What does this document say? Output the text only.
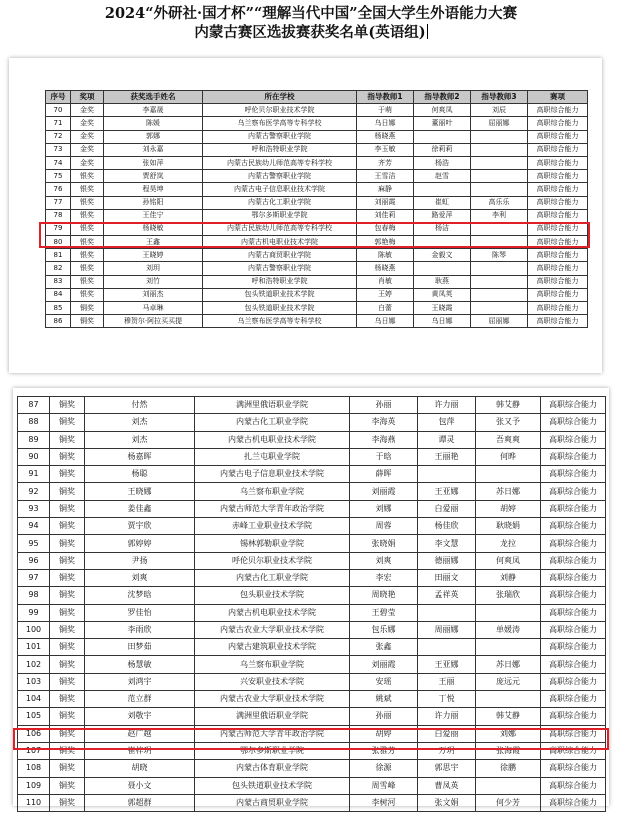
2024“外研社·国才杯”“理解当代中国”全国大学生外语能力大赛
内蒙古赛区选拔赛获奖名单(英语组)
序号	奖项	获奖选手姓名	所在学校	指导教师1	指导教师2	指导教师3	赛项
70	金奖	李嘉晟	呼伦贝尔职业技术学院	于萌	何爽凤	刘辰	高职综合能力
71	金奖	陈媛	乌兰察布医学高等专科学校	乌日娜	董丽叶	屈丽娜	高职综合能力
72	金奖	郭娜	内蒙古警察职业学院	杨晓燕			高职综合能力
73	金奖	刘永嘉	呼和浩特职业学院	李玉敏	徐莉莉		高职综合能力
74	金奖	张如萍	内蒙古民族幼儿师范高等专科学校	齐芳	杨浩		高职综合能力
75	银奖	贾舒岚	内蒙古警察职业学院	王雪洁	赵雪		高职综合能力
76	银奖	程昊坤	内蒙古电子信息职业技术学院	麻静			高职综合能力
77	银奖	孙铭阳	内蒙古化工职业学院	刘丽霞	崔虹	高乐乐	高职综合能力
78	银奖	王佳宁	鄂尔多斯职业学院	刘佳莉	路爱萍	李利	高职综合能力
79	银奖	杨晓敏	内蒙古民族幼儿师范高等专科学校	包春梅	杨洁		高职综合能力
80	银奖	王鑫	内蒙古机电职业技术学院	郭艳梅			高职综合能力
81	银奖	王晓婷	内蒙古商贸职业学院	陈敏	金毅文	陈琴	高职综合能力
82	银奖	刘玥	内蒙古警察职业学院	杨晓燕			高职综合能力
83	银奖	刘竹	呼和浩特职业学院	肖敏	耿燕		高职综合能力
84	银奖	刘丽杰	包头铁道职业技术学院	王婷	黄凤英		高职综合能力
85	铜奖	马卓琳	包头铁道职业技术学院	白蕾	王晓霞		高职综合能力
86	铜奖	穆贺尔·阿拉买买提	乌兰察布医学高等专科学校	乌日娜	乌日娜	屈丽娜	高职综合能力
87	铜奖	付然	满洲里俄语职业学院	孙丽	许力丽	韩艾静	高职综合能力
88	铜奖	刘杰	内蒙古化工职业学院	李海英	包萍	张又予	高职综合能力
89	铜奖	刘杰	内蒙古机电职业技术学院	李海燕	谭灵	吾爽爽	高职综合能力
90	铜奖	杨嘉晖	扎兰屯职业学院	于晗	王丽艳	何晔	高职综合能力
91	铜奖	杨聪	内蒙古电子信息职业技术学院	薛晖			高职综合能力
92	铜奖	王晓娜	乌兰察布职业学院	刘丽霞	王亚娜	苏日娜	高职综合能力
93	铜奖	姜佳鑫	内蒙古师范大学青年政治学院	刘娜	白爱丽	胡婷	高职综合能力
94	铜奖	贾宇欣	赤峰工业职业技术学院	周蓉	杨佳欣	耿晓娟	高职综合能力
95	铜奖	郭婷婷	锡林郭勒职业学院	张晓娟	李文慧	龙拉	高职综合能力
96	铜奖	尹扬	呼伦贝尔职业技术学院	刘爽	德丽娜	何爽凤	高职综合能力
97	铜奖	刘爽	内蒙古化工职业学院	李宏	田丽文	刘静	高职综合能力
98	铜奖	沈梦晗	包头职业技术学院	周晓艳	孟祥英	张瑞欣	高职综合能力
99	铜奖	罗佳怡	内蒙古机电职业技术学院	王碧莹			高职综合能力
100	铜奖	李雨欣	内蒙古农业大学职业技术学院	包乐娜	周丽娜	单媛涛	高职综合能力
101	铜奖	田梦茹	内蒙古建筑职业技术学院	张鑫			高职综合能力
102	铜奖	杨慧敏	乌兰察布职业学院	刘丽霞	王亚娜	苏日娜	高职综合能力
103	铜奖	刘鸿宇	兴安职业技术学院	安瑶	王丽	庞远元	高职综合能力
104	铜奖	范立群	内蒙古农业大学职业技术学院	姚斌	丁悦		高职综合能力
105	铜奖	刘敬宇	满洲里俄语职业学院	孙丽	许力丽	韩艾静	高职综合能力
106	铜奖	赵广越	内蒙古师范大学青年政治学院	胡婷	白爱丽	刘娜	高职综合能力
107	铜奖	崔梓玥	鄂尔多斯职业学院	张雅芳	万玥	张海霞	高职综合能力
108	铜奖	胡晓	内蒙古体育职业学院	徐源	郭思宇	徐鹏	高职综合能力
109	铜奖	聂小文	包头铁道职业技术学院	周雪峰	曹凤英		高职综合能力
110	铜奖	郭超群	内蒙古商贸职业学院	李树河	张文娟	何少芳	高职综合能力
